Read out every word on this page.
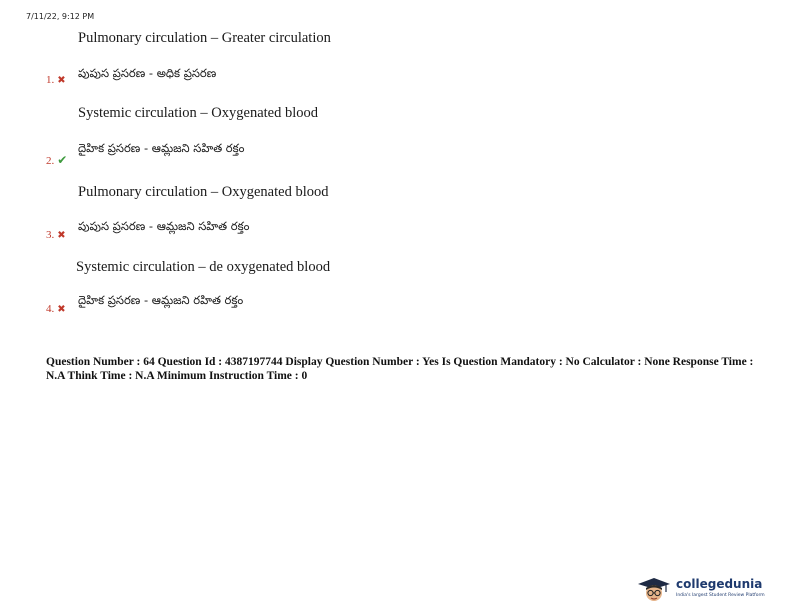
7/11/22, 9:12 PM
Pulmonary circulation – Greater circulation
1. ✖
పుపుస ప్రసరణ - అధిక ప్రసరణ
Systemic circulation – Oxygenated blood
2. ✔
దైహిక ప్రసరణ - ఆమ్లజని సహిత రక్తం
Pulmonary circulation – Oxygenated blood
3. ✖
పుపుస ప్రసరణ - ఆమ్లజని సహిత రక్తం
Systemic circulation – de oxygenated blood
4. ✖
దైహిక ప్రసరణ - ఆమ్లజని రహిత రక్తం
Question Number : 64 Question Id : 4387197744 Display Question Number : Yes Is Question Mandatory : No Calculator : None Response Time : N.A Think Time : N.A Minimum Instruction Time : 0
collegedunia
India's largest Student Review Platform
